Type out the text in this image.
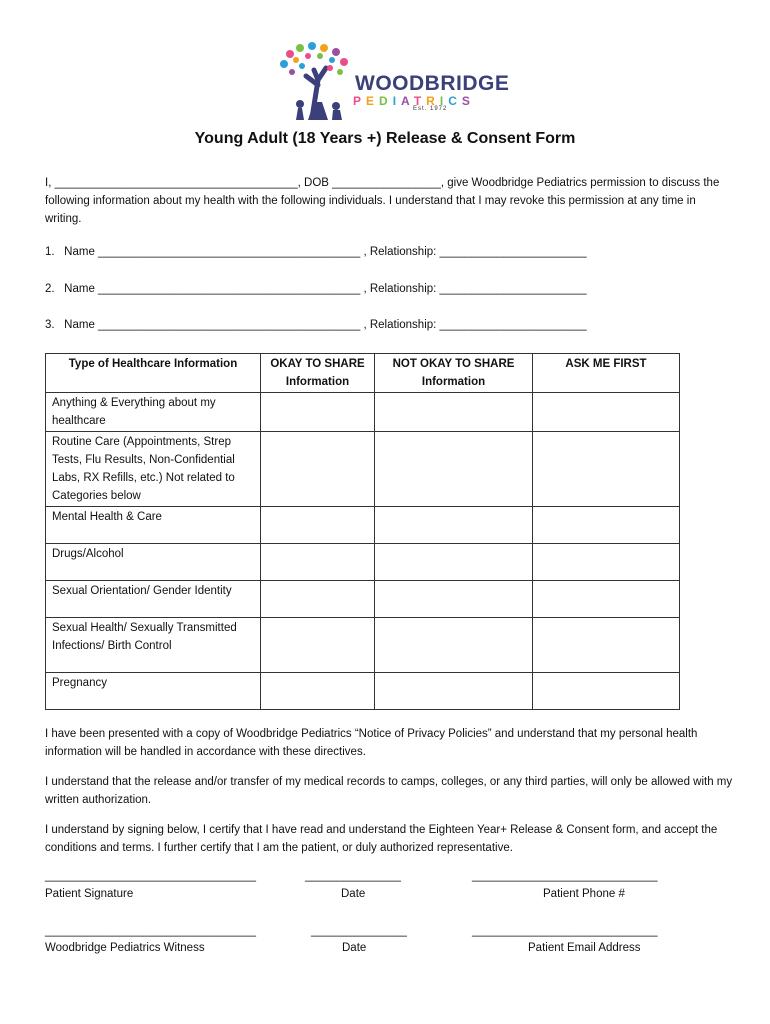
WOODBRIDGE
PEDIATRICS
Est. 1972
Young Adult (18 Years +) Release & Consent Form

I, ______________________________________, DOB _________________, give Woodbridge Pediatrics permission to discuss the following information about my health with the following individuals. I understand that I may revoke this permission at any time in writing.

1.   Name _________________________________________ , Relationship: _______________________
2.   Name _________________________________________ , Relationship: _______________________
3.   Name _________________________________________ , Relationship: _______________________
Type of Healthcare Information	OKAY TO SHARE Information	NOT OKAY TO SHARE Information	ASK ME FIRST
Anything & Everything about my healthcare			
Routine Care (Appointments, Strep Tests, Flu Results, Non-Confidential Labs, RX Refills, etc.) Not related to Categories below			
Mental Health & Care			
Drugs/Alcohol			
Sexual Orientation/ Gender Identity			
Sexual Health/ Sexually Transmitted Infections/ Birth Control			
Pregnancy			

I have been presented with a copy of Woodbridge Pediatrics “Notice of Privacy Policies” and understand that my personal health information will be handled in accordance with these directives.

I understand that the release and/or transfer of my medical records to camps, colleges, or any third parties, will only be allowed with my written authorization.

I understand by signing below, I certify that I have read and understand the Eighteen Year+ Release & Consent form, and accept the conditions and terms. I further certify that I am the patient, or duly authorized representative.

_________________________________	_______________	_____________________________
Patient Signature	Date	Patient Phone #
_________________________________	_______________	_____________________________
Woodbridge Pediatrics Witness	Date	Patient Email Address
